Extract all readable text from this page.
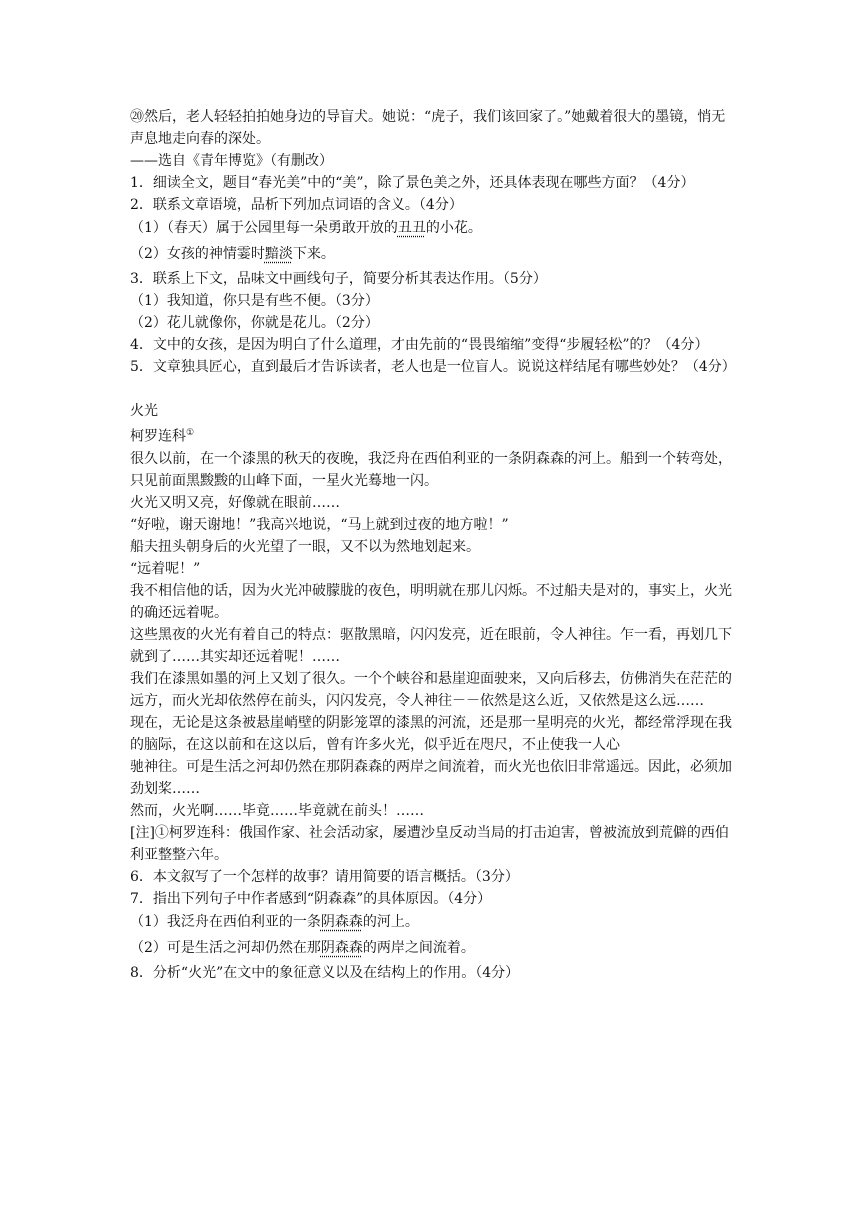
⑳然后，老人轻轻拍拍她身边的导盲犬。她说：“虎子，我们该回家了。”她戴着很大的墨镜，悄无声息地走向春的深处。
——选自《青年博览》（有删改）
1．细读全文，题目“春光美”中的“美”，除了景色美之外，还具体表现在哪些方面？（4分）
2．联系文章语境，品析下列加点词语的含义。（4分）
（1）（春天）属于公园里每一朵勇敢开放的丑丑的小花。
（2）女孩的神情霎时黯淡下来。
3．联系上下文，品味文中画线句子，简要分析其表达作用。（5分）
（1）我知道，你只是有些不便。（3分）
（2）花儿就像你，你就是花儿。（2分）
4．文中的女孩，是因为明白了什么道理，才由先前的“畏畏缩缩”变得“步履轻松”的？（4分）
5．文章独具匠心，直到最后才告诉读者，老人也是一位盲人。说说这样结尾有哪些妙处？（4分）
火光
柯罗连科①
很久以前，在一个漆黑的秋天的夜晚，我泛舟在西伯利亚的一条阴森森的河上。船到一个转弯处，只见前面黑黢黢的山峰下面，一星火光蓦地一闪。
火光又明又亮，好像就在眼前……
“好啦，谢天谢地！”我高兴地说，“马上就到过夜的地方啦！”
船夫扭头朝身后的火光望了一眼，又不以为然地划起来。
“远着呢！”
我不相信他的话，因为火光冲破朦胧的夜色，明明就在那儿闪烁。不过船夫是对的，事实上，火光的确还远着呢。
这些黑夜的火光有着自己的特点：驱散黑暗，闪闪发亮，近在眼前，令人神往。乍一看，再划几下就到了……其实却还远着呢！……
我们在漆黑如墨的河上又划了很久。一个个峡谷和悬崖迎面驶来，又向后移去，仿佛消失在茫茫的远方，而火光却依然停在前头，闪闪发亮，令人神往－－依然是这么近，又依然是这么远……
现在，无论是这条被悬崖峭壁的阴影笼罩的漆黑的河流，还是那一星明亮的火光，都经常浮现在我的脑际，在这以前和在这以后，曾有许多火光，似乎近在咫尺，不止使我一人心
驰神往。可是生活之河却仍然在那阴森森的两岸之间流着，而火光也依旧非常遥远。因此，必须加劲划桨……
然而，火光啊……毕竟……毕竟就在前头！……
[注]①柯罗连科：俄国作家、社会活动家，屡遭沙皇反动当局的打击迫害，曾被流放到荒僻的西伯利亚整整六年。
6．本文叙写了一个怎样的故事？请用简要的语言概括。（3分）
7．指出下列句子中作者感到“阴森森”的具体原因。（4分）
（1）我泛舟在西伯利亚的一条阴森森的河上。
（2）可是生活之河却仍然在那阴森森的两岸之间流着。
8．分析“火光”在文中的象征意义以及在结构上的作用。（4分）
